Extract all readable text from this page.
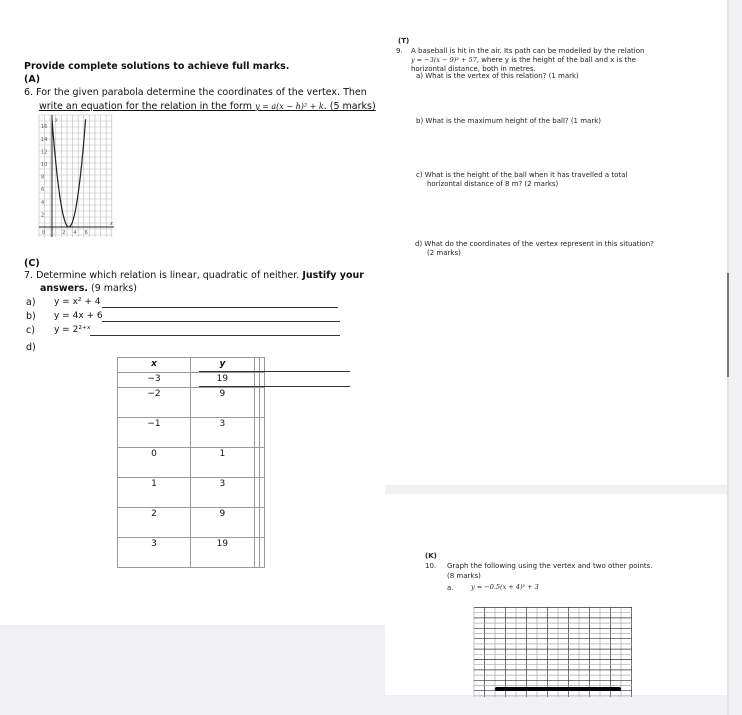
Provide complete solutions to achieve full marks.
(A)
6. For the given parabola determine the coordinates of the vertex. Then
write an equation for the relation in the form y = a(x − h)² + k. (5 marks)
16
14
12
10
8
6
4
2
0	2 4 6
x
y
(C)
7. Determine which relation is linear, quadratic of neither. Justify your
answers. (9 marks)
a) y = x² + 4
b) y = 4x + 6
c) y = 2²⁺ˣ
d)
x	y		
−3	19		
−2	9		
−1	3		
0	1		
1	3		
2	9		
3	19		
(T)
9. A baseball is hit in the air. Its path can be modelled by the relation
y = −3(x − 9)² + 57, where y is the height of the ball and x is the
horizontal distance, both in metres.
a) What is the vertex of this relation? (1 mark)
b) What is the maximum height of the ball? (1 mark)
c) What is the height of the ball when it has travelled a total
horizontal distance of 8 m? (2 marks)
d) What do the coordinates of the vertex represent in this situation?
(2 marks)
(K)
10. Graph the following using the vertex and two other points.
(8 marks)
a.	y = −0.5(x + 4)² + 3
